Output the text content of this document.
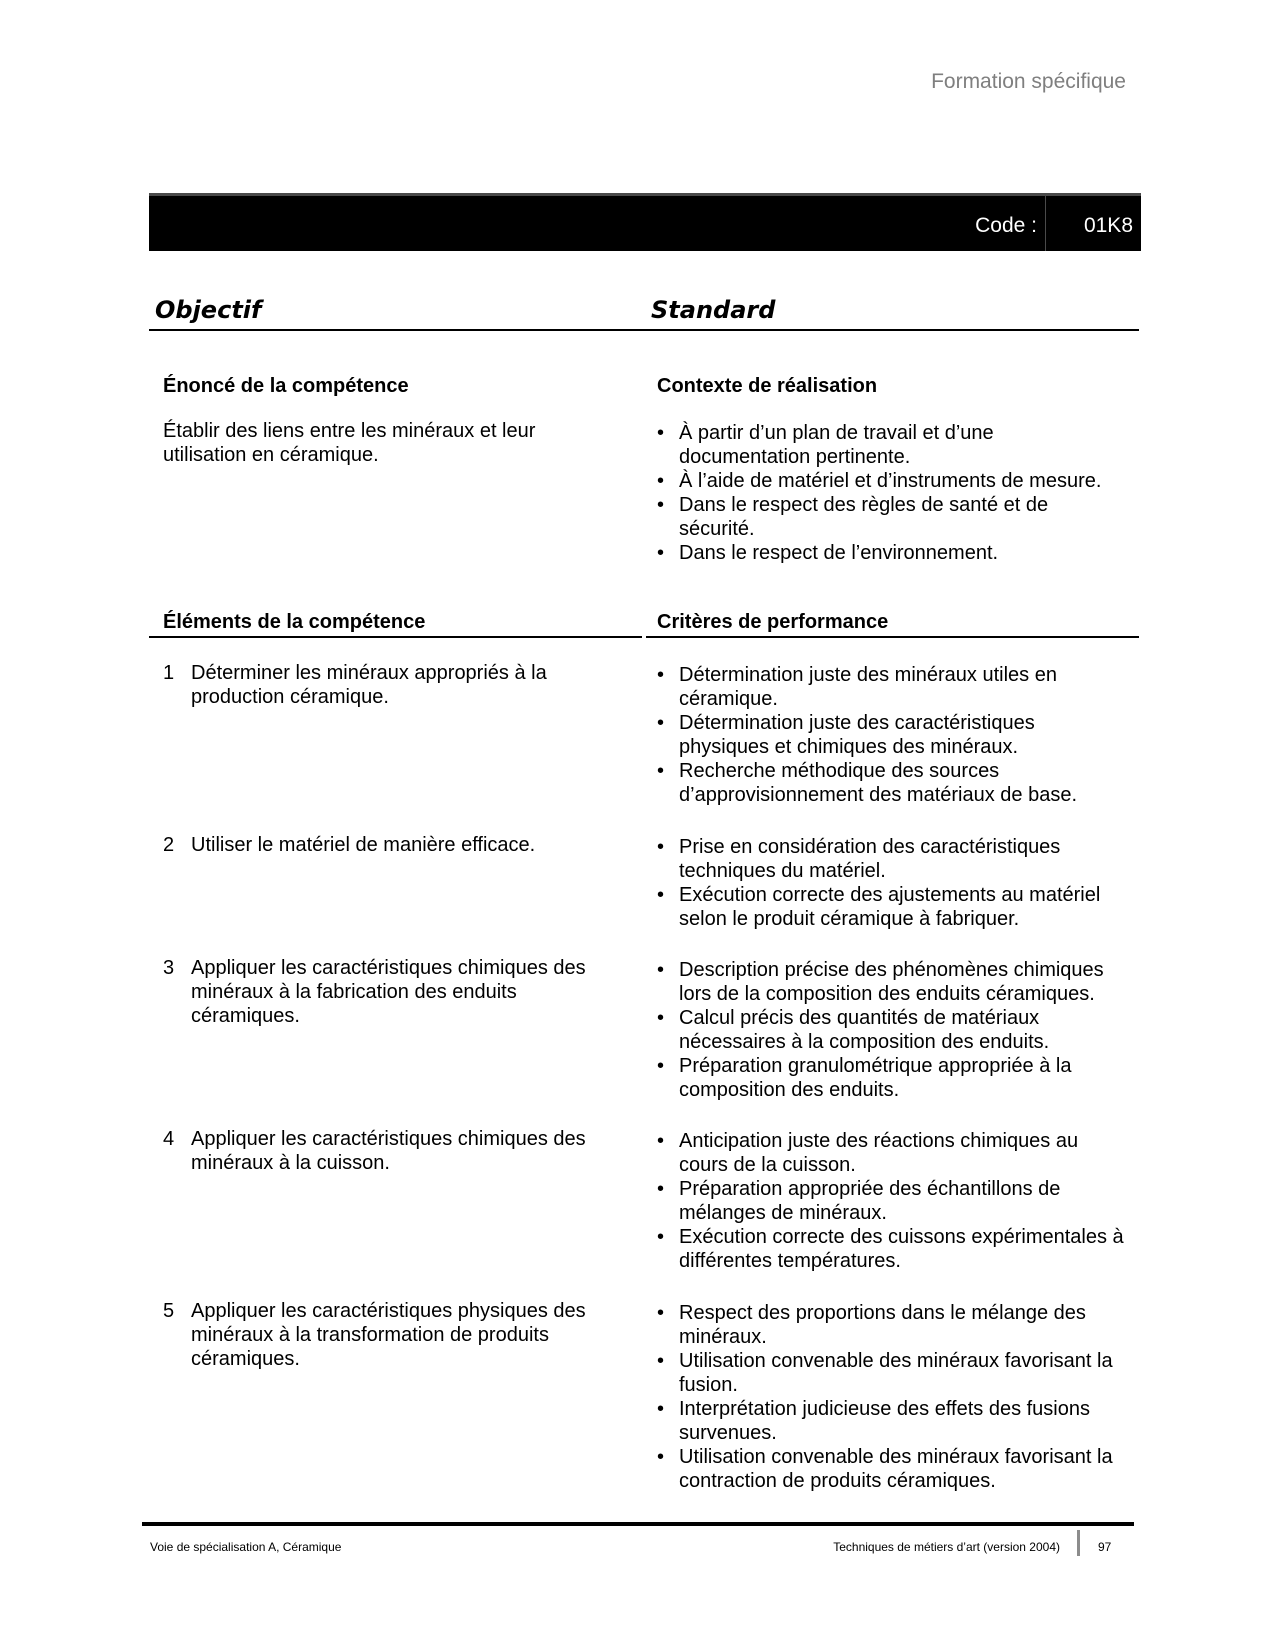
Formation spécifique
Code : 01K8
Objectif	Standard
Énoncé de la compétence
Établir des liens entre les minéraux et leur utilisation en céramique.
Contexte de réalisation
• À partir d’un plan de travail et d’une documentation pertinente.
• À l’aide de matériel et d’instruments de mesure.
• Dans le respect des règles de santé et de sécurité.
• Dans le respect de l’environnement.
Éléments de la compétence	Critères de performance
1 Déterminer les minéraux appropriés à la production céramique.
• Détermination juste des minéraux utiles en céramique.
• Détermination juste des caractéristiques physiques et chimiques des minéraux.
• Recherche méthodique des sources d’approvisionnement des matériaux de base.
2 Utiliser le matériel de manière efficace.
•	Prise en considération des caractéristiques techniques du matériel.
• Exécution correcte des ajustements au matériel selon le produit céramique à fabriquer.
3 Appliquer les caractéristiques chimiques des minéraux à la fabrication des enduits céramiques.
• Description précise des phénomènes chimiques lors de la composition des enduits céramiques.
• Calcul précis des quantités de matériaux nécessaires à la composition des enduits.
• Préparation granulométrique appropriée à la composition des enduits.
4 Appliquer les caractéristiques chimiques des minéraux à la cuisson.
• Anticipation juste des réactions chimiques au cours de la cuisson.
• Préparation appropriée des échantillons de mélanges de minéraux.
• Exécution correcte des cuissons expérimentales à différentes températures.
5 Appliquer les caractéristiques physiques des minéraux à la transformation de produits céramiques.
• Respect des proportions dans le mélange des minéraux.
• Utilisation convenable des minéraux favorisant la fusion.
• Interprétation judicieuse des effets des fusions survenues.
• Utilisation convenable des minéraux favorisant la contraction de produits céramiques.
Voie de spécialisation A, Céramique	Techniques de métiers d’art (version 2004)	97
